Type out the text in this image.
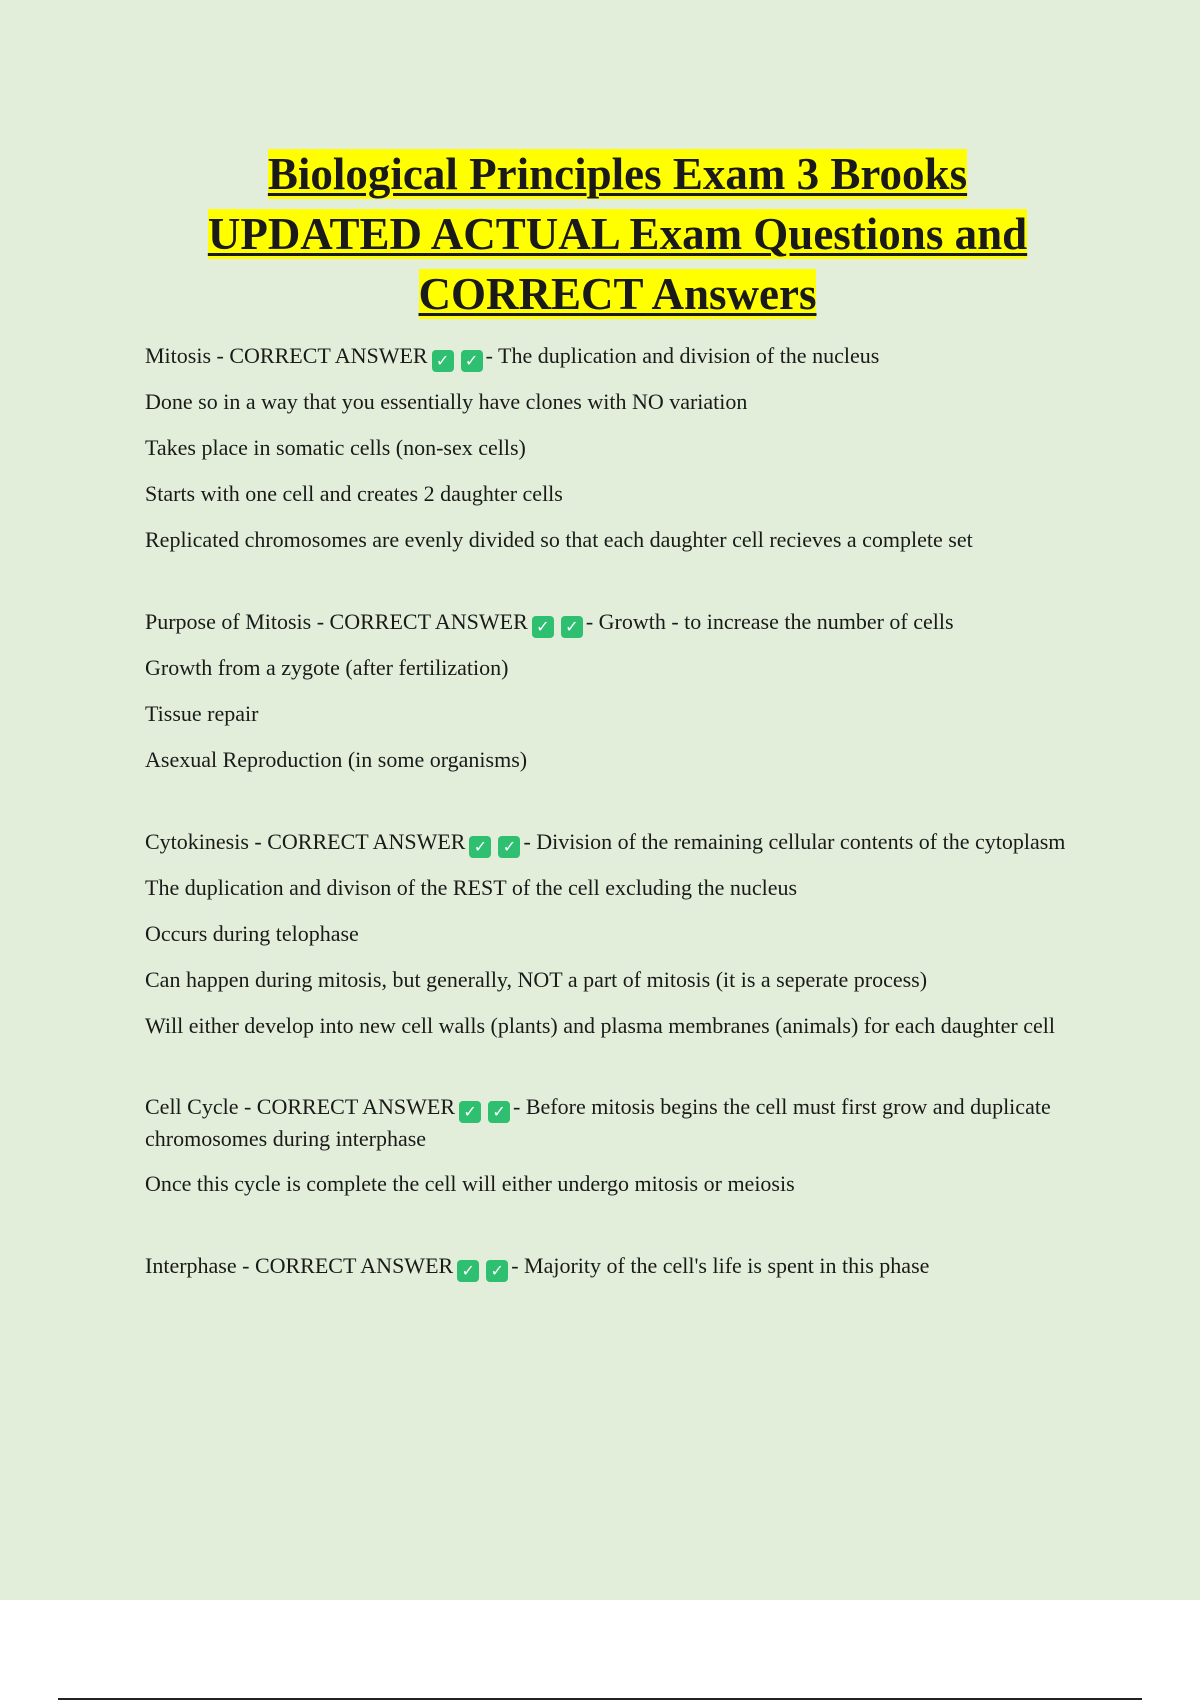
Biological Principles Exam 3 Brooks
UPDATED ACTUAL Exam Questions and
CORRECT Answers

Mitosis - CORRECT ANSWER ✓ ✓ - The duplication and division of the nucleus

Done so in a way that you essentially have clones with NO variation

Takes place in somatic cells (non-sex cells)

Starts with one cell and creates 2 daughter cells

Replicated chromosomes are evenly divided so that each daughter cell recieves a complete set

Purpose of Mitosis - CORRECT ANSWER ✓ ✓ - Growth - to increase the number of cells

Growth from a zygote (after fertilization)

Tissue repair

Asexual Reproduction (in some organisms)

Cytokinesis - CORRECT ANSWER ✓ ✓ - Division of the remaining cellular contents of the cytoplasm

The duplication and divison of the REST of the cell excluding the nucleus

Occurs during telophase

Can happen during mitosis, but generally, NOT a part of mitosis (it is a seperate process)

Will either develop into new cell walls (plants) and plasma membranes (animals) for each daughter cell

Cell Cycle - CORRECT ANSWER ✓ ✓ - Before mitosis begins the cell must first grow and duplicate chromosomes during interphase

Once this cycle is complete the cell will either undergo mitosis or meiosis

Interphase - CORRECT ANSWER ✓ ✓ - Majority of the cell's life is spent in this phase
